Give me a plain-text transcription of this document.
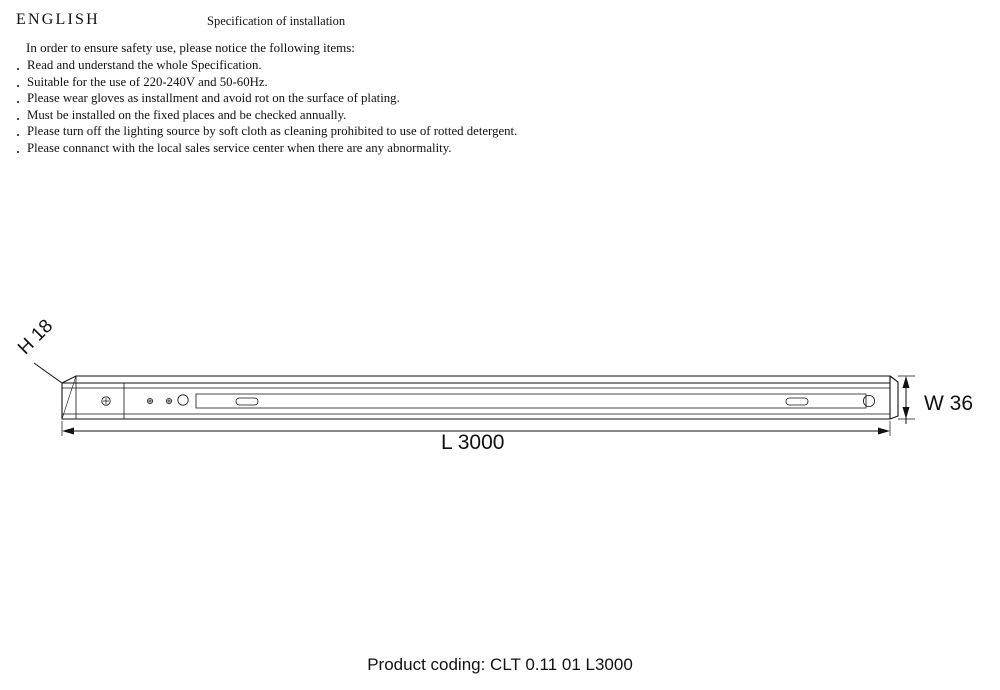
ENGLISH	Specification of installation
In order to ensure safety use, please notice the following items:
Read and understand the whole Specification.
Suitable for the use of 220-240V and 50-60Hz.
Please wear gloves as installment and avoid rot on the surface of plating.
Must be installed on the fixed places and be checked annually.
Please turn off the lighting source by soft cloth as cleaning prohibited to use of rotted detergent.
Please connanct with the local sales service center when there are any abnormality.
H 18
W 36
L 3000
Product coding: CLT 0.11 01 L3000
